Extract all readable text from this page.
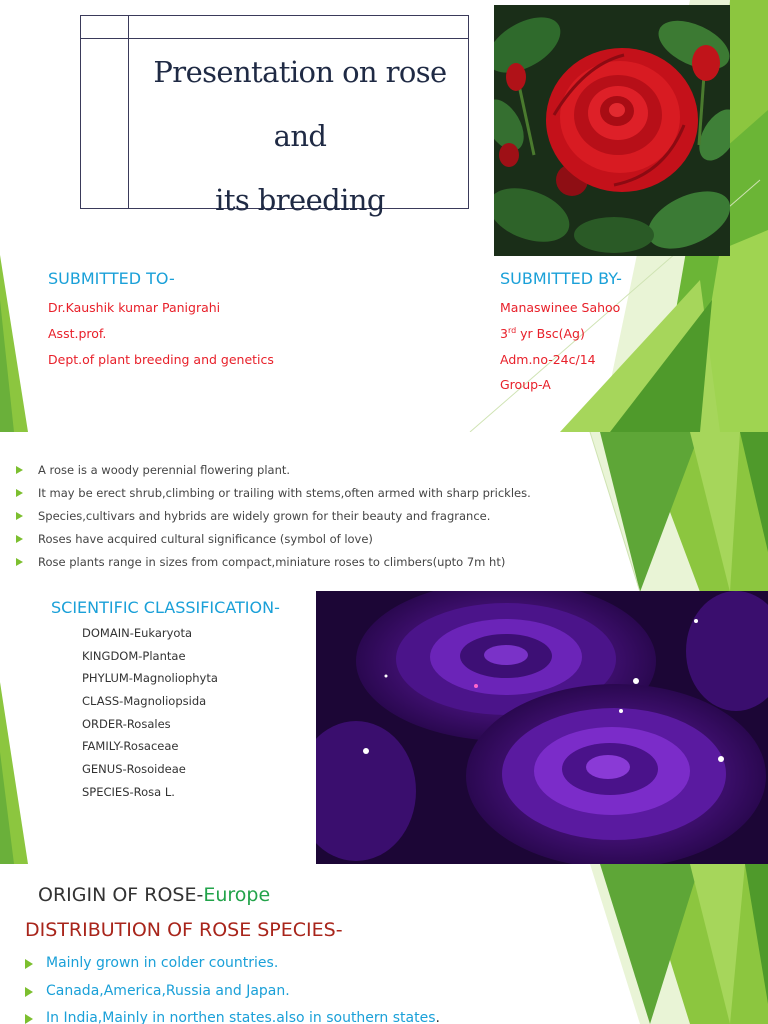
Presentation on rose and
its breeding
SUBMITTED TO-
Dr.Kaushik kumar Panigrahi
Asst.prof.
Dept.of plant breeding and genetics
SUBMITTED BY-
Manaswinee Sahoo
3rd yr Bsc(Ag)
Adm.no-24c/14
Group-A
A rose is a woody perennial flowering plant.
It may be erect shrub,climbing or trailing with stems,often armed with sharp prickles.
Species,cultivars and hybrids are widely grown for their beauty and fragrance.
Roses have acquired cultural significance (symbol of love)
Rose plants range in sizes from compact,miniature roses to climbers(upto 7m ht)
SCIENTIFIC CLASSIFICATION-
DOMAIN-Eukaryota
KINGDOM-Plantae
PHYLUM-Magnoliophyta
CLASS-Magnoliopsida
ORDER-Rosales
FAMILY-Rosaceae
GENUS-Rosoideae
SPECIES-Rosa L.
ORIGIN OF ROSE-Europe
DISTRIBUTION OF ROSE SPECIES-
Mainly grown in colder countries.
Canada,America,Russia and Japan.
In India,Mainly in northen states.also in southern states.
